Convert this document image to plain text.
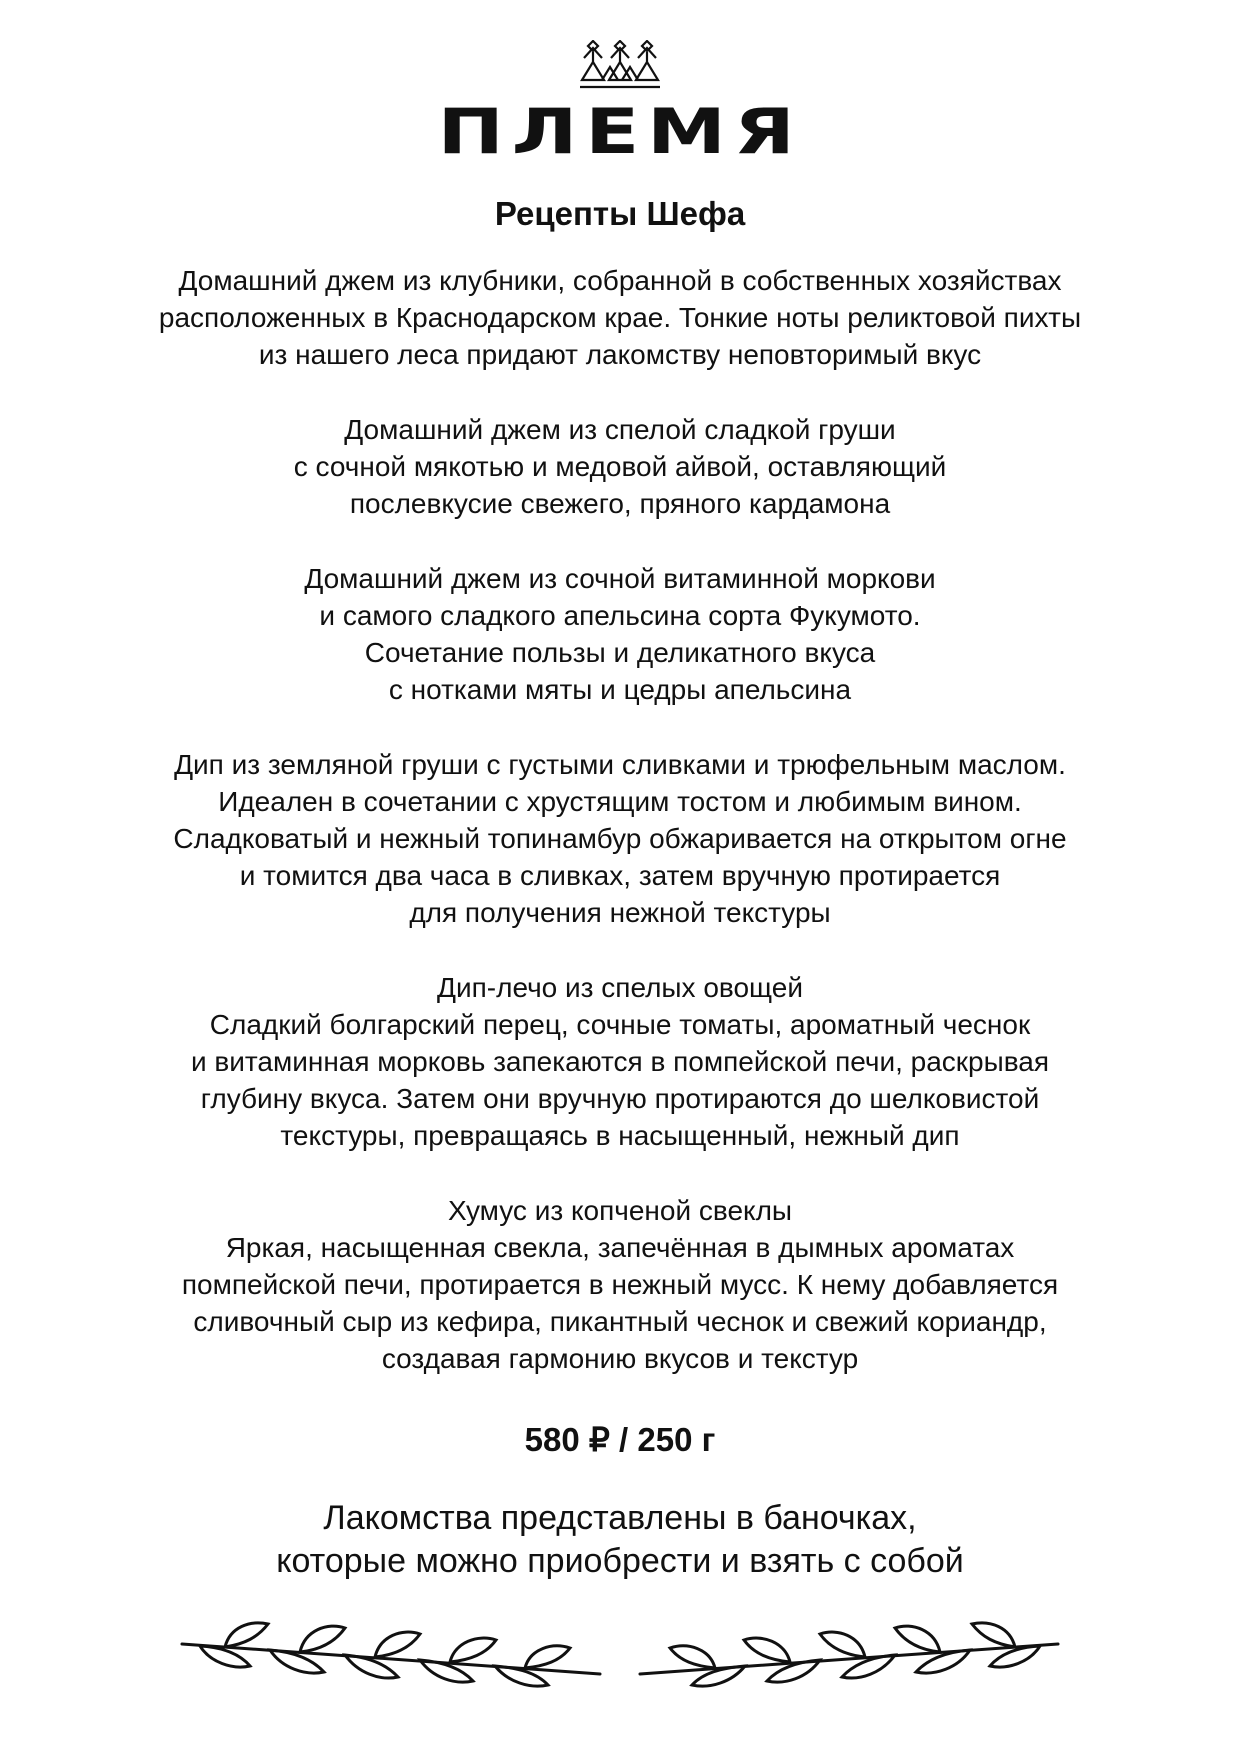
ПЛЕМЯ
Рецепты Шефа
Домашний джем из клубники, собранной в собственных хозяйствах
расположенных в Краснодарском крае. Тонкие ноты реликтовой пихты
из нашего леса придают лакомству неповторимый вкус
Домашний джем из спелой сладкой груши
с сочной мякотью и медовой айвой, оставляющий
послевкусие свежего, пряного кардамона
Домашний джем из сочной витаминной моркови
и самого сладкого апельсина сорта Фукумото.
Сочетание пользы и деликатного вкуса
с нотками мяты и цедры апельсина
Дип из земляной груши с густыми сливками и трюфельным маслом.
Идеален в сочетании с хрустящим тостом и любимым вином.
Сладковатый и нежный топинамбур обжаривается на открытом огне
и томится два часа в сливках, затем вручную протирается
для получения нежной текстуры
Дип-лечо из спелых овощей
Сладкий болгарский перец, сочные томаты, ароматный чеснок
и витаминная морковь запекаются в помпейской печи, раскрывая
глубину вкуса. Затем они вручную протираются до шелковистой
текстуры, превращаясь в насыщенный, нежный дип
Хумус из копченой свеклы
Яркая, насыщенная свекла, запечённая в дымных ароматах
помпейской печи, протирается в нежный мусс. К нему добавляется
сливочный сыр из кефира, пикантный чеснок и свежий кориандр,
создавая гармонию вкусов и текстур
580 ₽ / 250 г
Лакомства представлены в баночках,
которые можно приобрести и взять с собой
